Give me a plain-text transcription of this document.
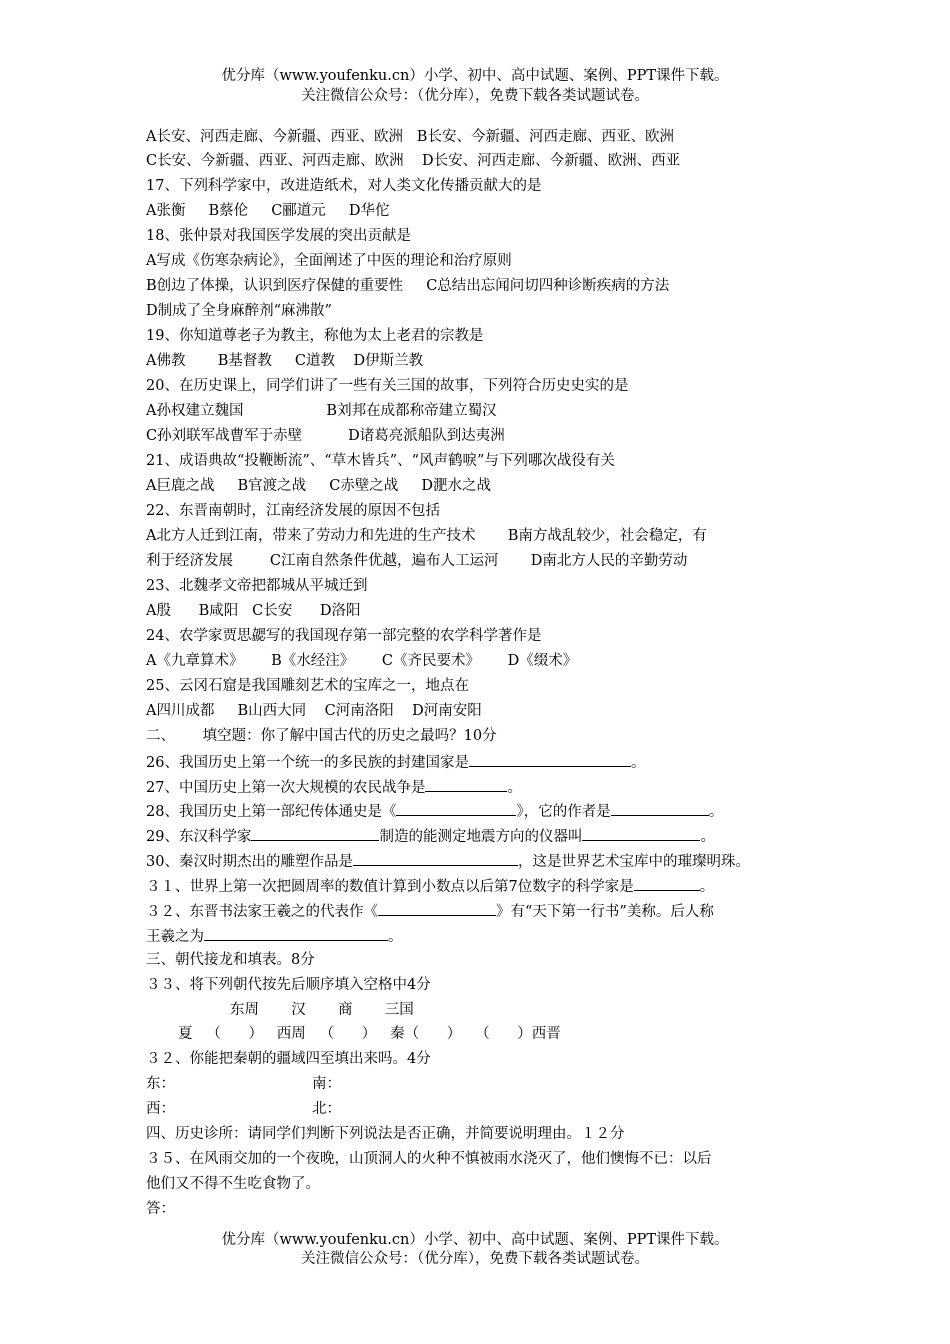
优分库（www.youfenku.cn）小学、初中、高中试题、案例、PPT课件下载。
关注微信公众号：（优分库），免费下载各类试题试卷。
A长安、河西走廊、今新疆、西亚、欧洲   B长安、今新疆、河西走廊、西亚、欧洲
C长安、今新疆、西亚、河西走廊、欧洲    D长安、河西走廊、今新疆、欧洲、西亚
17、下列科学家中，改进造纸术，对人类文化传播贡献大的是
A张衡     B蔡伦     C郦道元     D华佗
18、张仲景对我国医学发展的突出贡献是
A写成《伤寒杂病论》，全面阐述了中医的理论和治疗原则
B创边了体操，认识到医疗保健的重要性     C总结出忘闻问切四种诊断疾病的方法
D制成了全身麻醉剂“麻沸散”
19、你知道尊老子为教主，称他为太上老君的宗教是
A佛教       B基督教     C道教    D伊斯兰教
20、在历史课上，同学们讲了一些有关三国的故事，下列符合历史史实的是
A孙权建立魏国                  B刘邦在成都称帝建立蜀汉
C孙刘联军战曹军于赤壁          D诸葛亮派船队到达夷洲
21、成语典故“投鞭断流”、“草木皆兵”、“风声鹤唳”与下列哪次战役有关
A巨鹿之战     B官渡之战     C赤壁之战     D淝水之战
22、东晋南朝时，江南经济发展的原因不包括
A北方人迁到江南，带来了劳动力和先进的生产技术       B南方战乱较少，社会稳定，有
利于经济发展        C江南自然条件优越，遍布人工运河       D南北方人民的辛勤劳动
23、北魏孝文帝把都城从平城迁到
A殷      B咸阳   C长安      D洛阳
24、农学家贾思勰写的我国现存第一部完整的农学科学著作是
A《九章算术》      B《水经注》      C《齐民要术》      D《缀术》
25、云冈石窟是我国雕刻艺术的宝库之一，地点在
A四川成都     B山西大同    C河南洛阳    D河南安阳
二、      填空题：你了解中国古代的历史之最吗？10分
26、我国历史上第一个统一的多民族的封建国家是	。
27、中国历史上第一次大规模的农民战争是	。
28、我国历史上第一部纪传体通史是《	》，它的作者是	。
29、东汉科学家	制造的能测定地震方向的仪器叫	。
30、秦汉时期杰出的雕塑作品是	，这是世界艺术宝库中的璀璨明珠。
３１、世界上第一次把圆周率的数值计算到小数点以后第7位数字的科学家是	。
３２、东晋书法家王羲之的代表作《	》有“天下第一行书”美称。后人称
王羲之为	。
三、朝代接龙和填表。8分
３３、将下列朝代按先后顺序填入空格中4分
东周       汉       商       三国
夏   （      ）   西周   （      ）   秦（      ）   （      ）西晋
３２、你能把秦朝的疆域四至填出来吗。4分
东：	南：
西：	北：
四、历史诊所：请同学们判断下列说法是否正确，并简要说明理由。１２分
３５、在风雨交加的一个夜晚，山顶洞人的火种不慎被雨水浇灭了，他们懊悔不已：以后
他们又不得不生吃食物了。
答：
优分库（www.youfenku.cn）小学、初中、高中试题、案例、PPT课件下载。
关注微信公众号：（优分库），免费下载各类试题试卷。
